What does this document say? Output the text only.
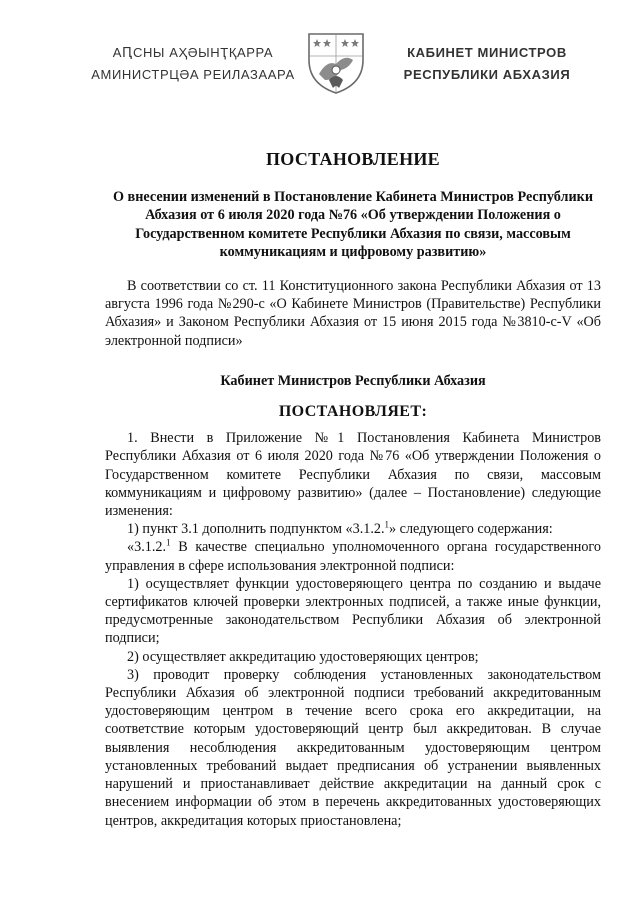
АԤСНЫ АҲӘЫНҬҚАРРА
АМИНИСТРЦӘА РЕИЛАЗААРА
КАБИНЕТ МИНИСТРОВ
РЕСПУБЛИКИ АБХАЗИЯ
ПОСТАНОВЛЕНИЕ
О внесении изменений в Постановление Кабинета Министров Республики Абхазия от 6 июля 2020 года №76 «Об утверждении Положения о Государственном комитете Республики Абхазия по связи, массовым коммуникациям и цифровому развитию»

В соответствии со ст. 11 Конституционного закона Республики Абхазия от 13 августа 1996 года №290-с «О Кабинете Министров (Правительстве) Республики Абхазия» и Законом Республики Абхазия от 15 июня 2015 года №3810-с-V «Об электронной подписи»

Кабинет Министров Республики Абхазия
ПОСТАНОВЛЯЕТ:

1. Внести в Приложение №1 Постановления Кабинета Министров Республики Абхазия от 6 июля 2020 года №76 «Об утверждении Положения о Государственном комитете Республики Абхазия по связи, массовым коммуникациям и цифровому развитию» (далее – Постановление) следующие изменения:

1) пункт 3.1 дополнить подпунктом «3.1.2.$^1$» следующего содержания:

«3.1.2.$^1$ В качестве специально уполномоченного органа государственного управления в сфере использования электронной подписи:

1) осуществляет функции удостоверяющего центра по созданию и выдаче сертификатов ключей проверки электронных подписей, а также иные функции, предусмотренные законодательством Республики Абхазия об электронной подписи;

2) осуществляет аккредитацию удостоверяющих центров;

3) проводит проверку соблюдения установленных законодательством Республики Абхазия об электронной подписи требований аккредитованным удостоверяющим центром в течение всего срока его аккредитации, на соответствие которым удостоверяющий центр был аккредитован. В случае выявления несоблюдения аккредитованным удостоверяющим центром установленных требований выдает предписания об устранении выявленных нарушений и приостанавливает действие аккредитации на данный срок с внесением информации об этом в перечень аккредитованных удостоверяющих центров, аккредитация которых приостановлена;
